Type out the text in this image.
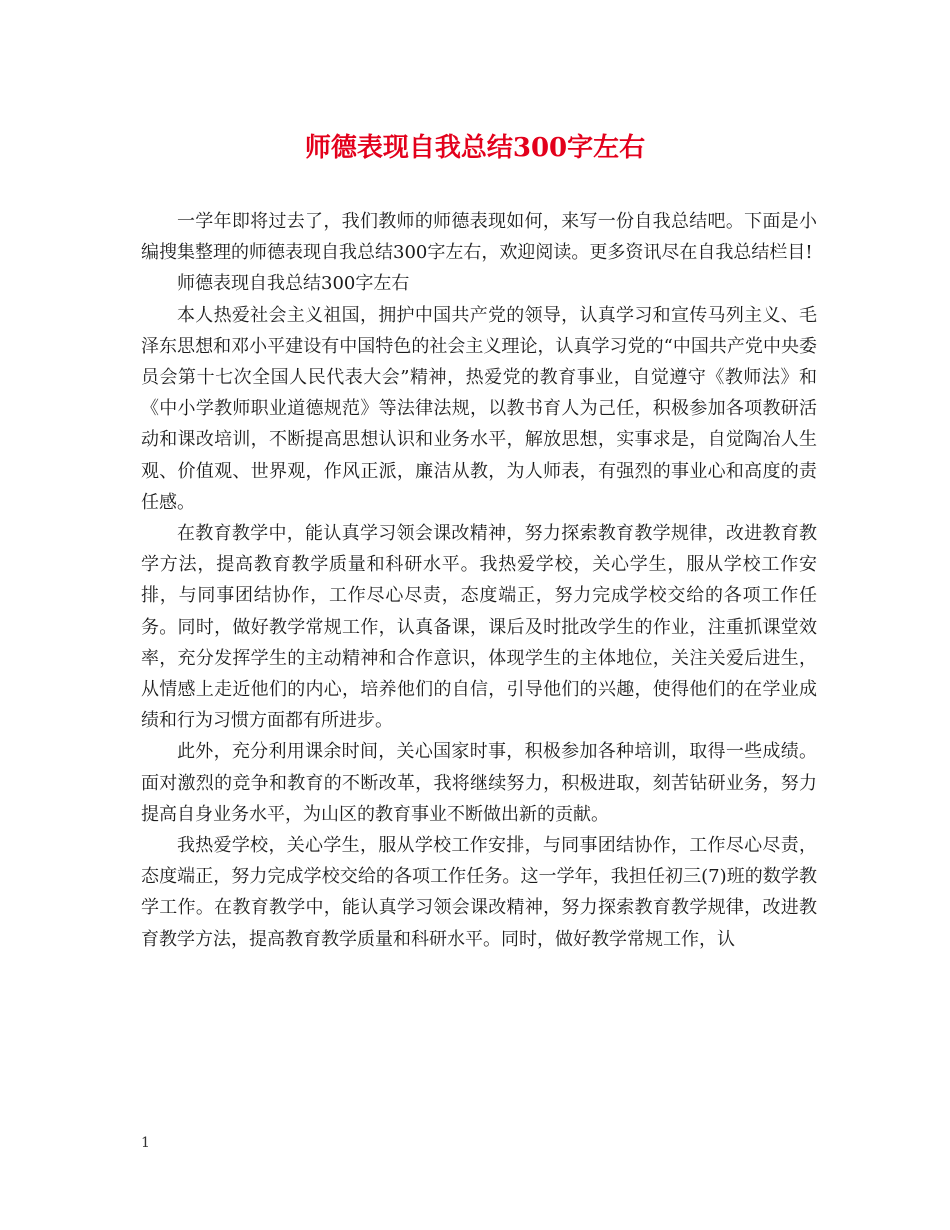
师德表现自我总结300字左右

一学年即将过去了，我们教师的师德表现如何，来写一份自我总结吧。下面是小编搜集整理的师德表现自我总结300字左右，欢迎阅读。更多资讯尽在自我总结栏目!

师德表现自我总结300字左右

本人热爱社会主义祖国，拥护中国共产党的领导，认真学习和宣传马列主义、毛泽东思想和邓小平建设有中国特色的社会主义理论，认真学习党的“中国共产党中央委员会第十七次全国人民代表大会”精神，热爱党的教育事业，自觉遵守《教师法》和《中小学教师职业道德规范》等法律法规，以教书育人为己任，积极参加各项教研活动和课改培训，不断提高思想认识和业务水平，解放思想，实事求是，自觉陶冶人生观、价值观、世界观，作风正派，廉洁从教，为人师表，有强烈的事业心和高度的责任感。

在教育教学中，能认真学习领会课改精神，努力探索教育教学规律，改进教育教学方法，提高教育教学质量和科研水平。我热爱学校，关心学生，服从学校工作安排，与同事团结协作，工作尽心尽责，态度端正，努力完成学校交给的各项工作任务。同时，做好教学常规工作，认真备课，课后及时批改学生的作业，注重抓课堂效率，充分发挥学生的主动精神和合作意识，体现学生的主体地位，关注关爱后进生，从情感上走近他们的内心，培养他们的自信，引导他们的兴趣，使得他们的在学业成绩和行为习惯方面都有所进步。

此外，充分利用课余时间，关心国家时事，积极参加各种培训，取得一些成绩。面对激烈的竞争和教育的不断改革，我将继续努力，积极进取，刻苦钻研业务，努力提高自身业务水平，为山区的教育事业不断做出新的贡献。

我热爱学校，关心学生，服从学校工作安排，与同事团结协作，工作尽心尽责，态度端正，努力完成学校交给的各项工作任务。这一学年，我担任初三(7)班的数学教学工作。在教育教学中，能认真学习领会课改精神，努力探索教育教学规律，改进教育教学方法，提高教育教学质量和科研水平。同时，做好教学常规工作，认

1
